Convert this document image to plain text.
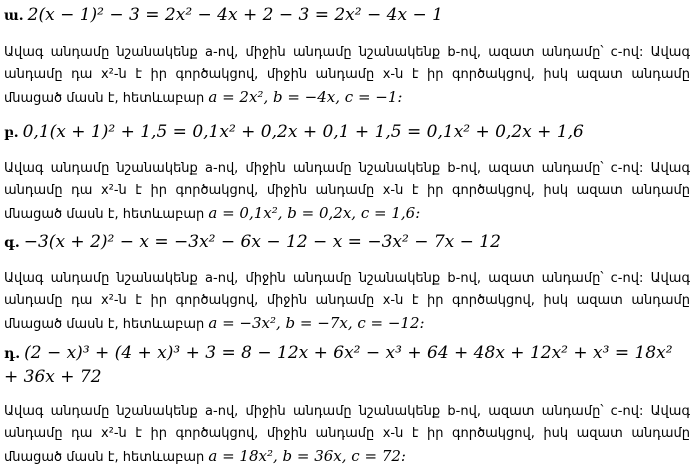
ա. 2(x − 1)² − 3 = 2x² − 4x + 2 − 3 = 2x² − 4x − 1
Ավագ անդամը նշանակենք a-ով, միջին անդամը նշանակենք b-ով, ազատ անդամը՝ c-ով: Ավագ անդամը դա x²-ն է իր գործակցով, միջին անդամը x-ն է իր գործակցով, իսկ ազատ անդամը մնացած մասն է, հետևաբար a = 2x², b = −4x, c = −1:
բ. 0,1(x + 1)² + 1,5 = 0,1x² + 0,2x + 0,1 + 1,5 = 0,1x² + 0,2x + 1,6
Ավագ անդամը նշանակենք a-ով, միջին անդամը նշանակենք b-ով, ազատ անդամը՝ c-ով: Ավագ անդամը դա x²-ն է իր գործակցով, միջին անդամը x-ն է իր գործակցով, իսկ ազատ անդամը մնացած մասն է, հետևաբար a = 0,1x², b = 0,2x, c = 1,6:
գ. −3(x + 2)² − x = −3x² − 6x − 12 − x = −3x² − 7x − 12
Ավագ անդամը նշանակենք a-ով, միջին անդամը նշանակենք b-ով, ազատ անդամը՝ c-ով: Ավագ անդամը դա x²-ն է իր գործակցով, միջին անդամը x-ն է իր գործակցով, իսկ ազատ անդամը մնացած մասն է, հետևաբար a = −3x², b = −7x, c = −12:
դ. (2 − x)³ + (4 + x)³ + 3 = 8 − 12x + 6x² − x³ + 64 + 48x + 12x² + x³ = 18x² + 36x + 72
Ավագ անդամը նշանակենք a-ով, միջին անդամը նշանակենք b-ով, ազատ անդամը՝ c-ով: Ավագ անդամը դա x²-ն է իր գործակցով, միջին անդամը x-ն է իր գործակցով, իսկ ազատ անդամը մնացած մասն է, հետևաբար a = 18x², b = 36x, c = 72:
